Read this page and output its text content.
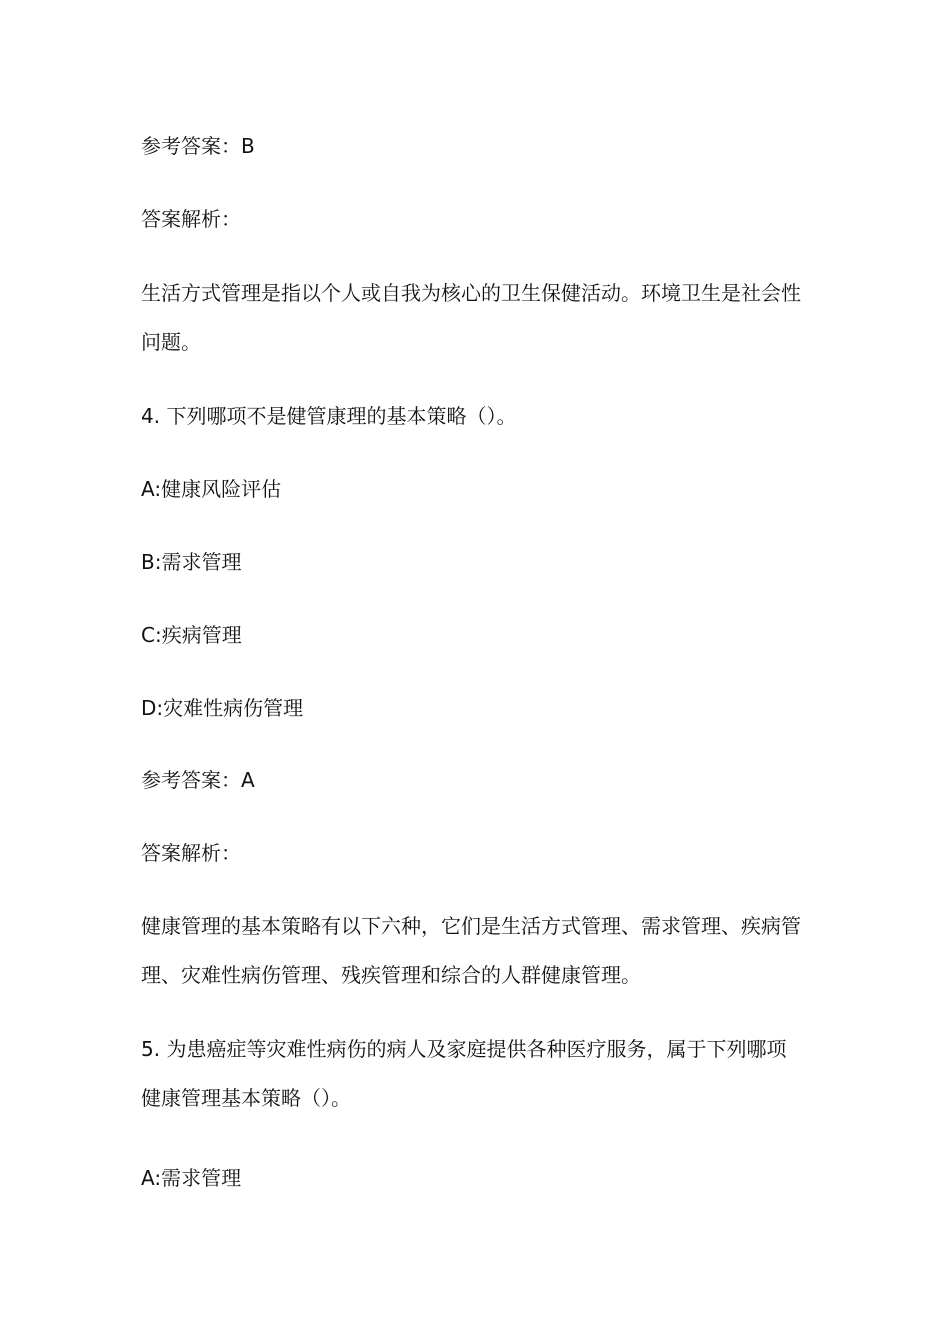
参考答案：B
答案解析：
生活方式管理是指以个人或自我为核心的卫生保健活动。环境卫生是社会性
问题。
4. 下列哪项不是健管康理的基本策略（）。
A:健康风险评估
B:需求管理
C:疾病管理
D:灾难性病伤管理
参考答案：A
答案解析：
健康管理的基本策略有以下六种，它们是生活方式管理、需求管理、疾病管
理、灾难性病伤管理、残疾管理和综合的人群健康管理。
5. 为患癌症等灾难性病伤的病人及家庭提供各种医疗服务，属于下列哪项
健康管理基本策略（）。
A:需求管理
